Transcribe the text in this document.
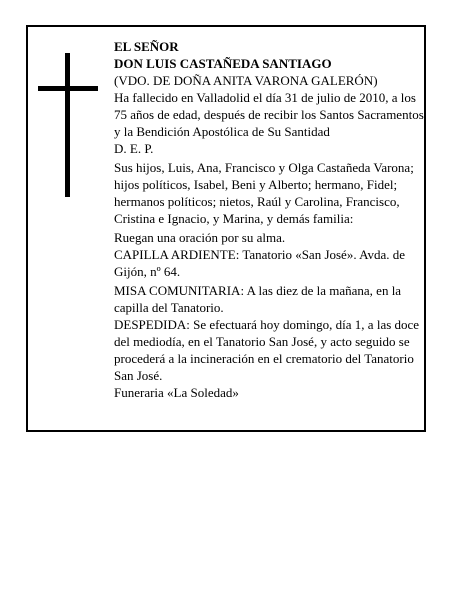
EL SEÑOR

DON LUIS CASTAÑEDA SANTIAGO

(VDO. DE DOÑA ANITA VARONA GALERÓN)

Ha fallecido en Valladolid el día 31 de julio de 2010, a los 75 años de edad, después de recibir los Santos Sacramentos y la Bendición Apostólica de Su Santidad

D. E. P.

Sus hijos, Luis, Ana, Francisco y Olga Castañeda Varona; hijos políticos, Isabel, Beni y Alberto; hermano, Fidel; hermanos políticos; nietos, Raúl y Carolina, Francisco, Cristina e Ignacio, y Marina, y demás familia:

Ruegan una oración por su alma.

CAPILLA ARDIENTE: Tanatorio «San José». Avda. de Gijón, nº 64.

MISA COMUNITARIA: A las diez de la mañana, en la capilla del Tanatorio.

DESPEDIDA: Se efectuará hoy domingo, día 1, a las doce del mediodía, en el Tanatorio San José, y acto seguido se procederá a la incineración en el crematorio del Tanatorio San José.

Funeraria «La Soledad»
